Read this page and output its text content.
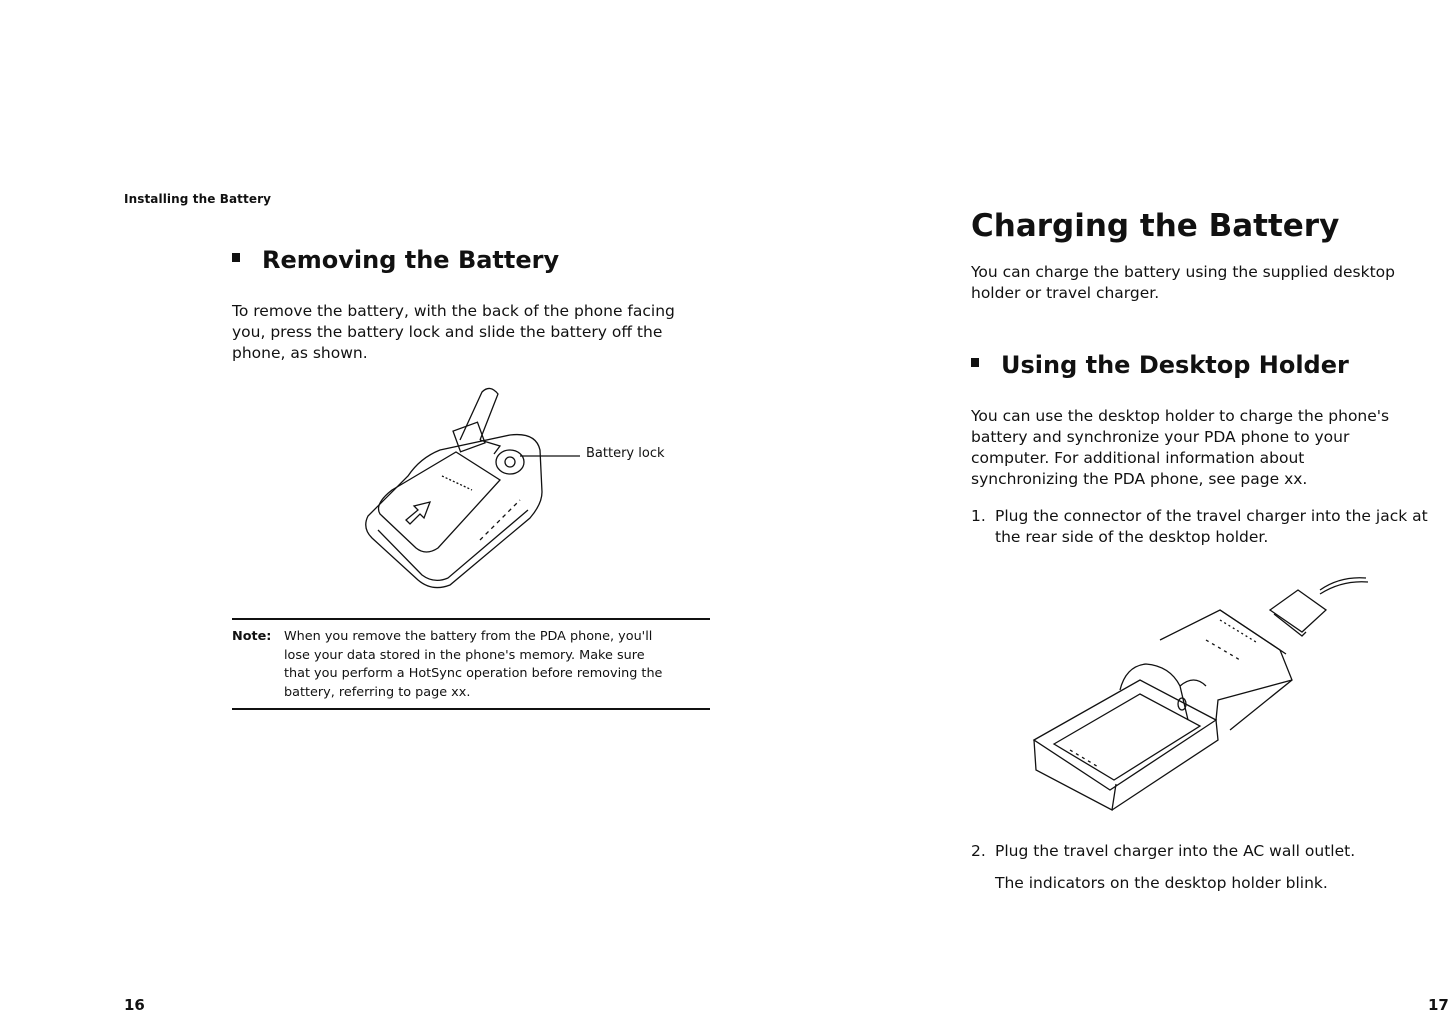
Installing the Battery
Removing the Battery
To remove the battery, with the back of the phone facing
you, press the battery lock and slide the battery off the
phone, as shown.
Battery lock
Note: When you remove the battery from the PDA phone, you'll
lose your data stored in the phone's memory. Make sure
that you perform a HotSync operation before removing the
battery, referring to page xx.
16
Charging the Battery
You can charge the battery using the supplied desktop
holder or travel charger.
Using the Desktop Holder
You can use the desktop holder to charge the phone's
battery and synchronize your PDA phone to your
computer. For additional information about
synchronizing the PDA phone, see page xx.
1. Plug the connector of the travel charger into the jack at
the rear side of the desktop holder.
2. Plug the travel charger into the AC wall outlet.
The indicators on the desktop holder blink.
17
